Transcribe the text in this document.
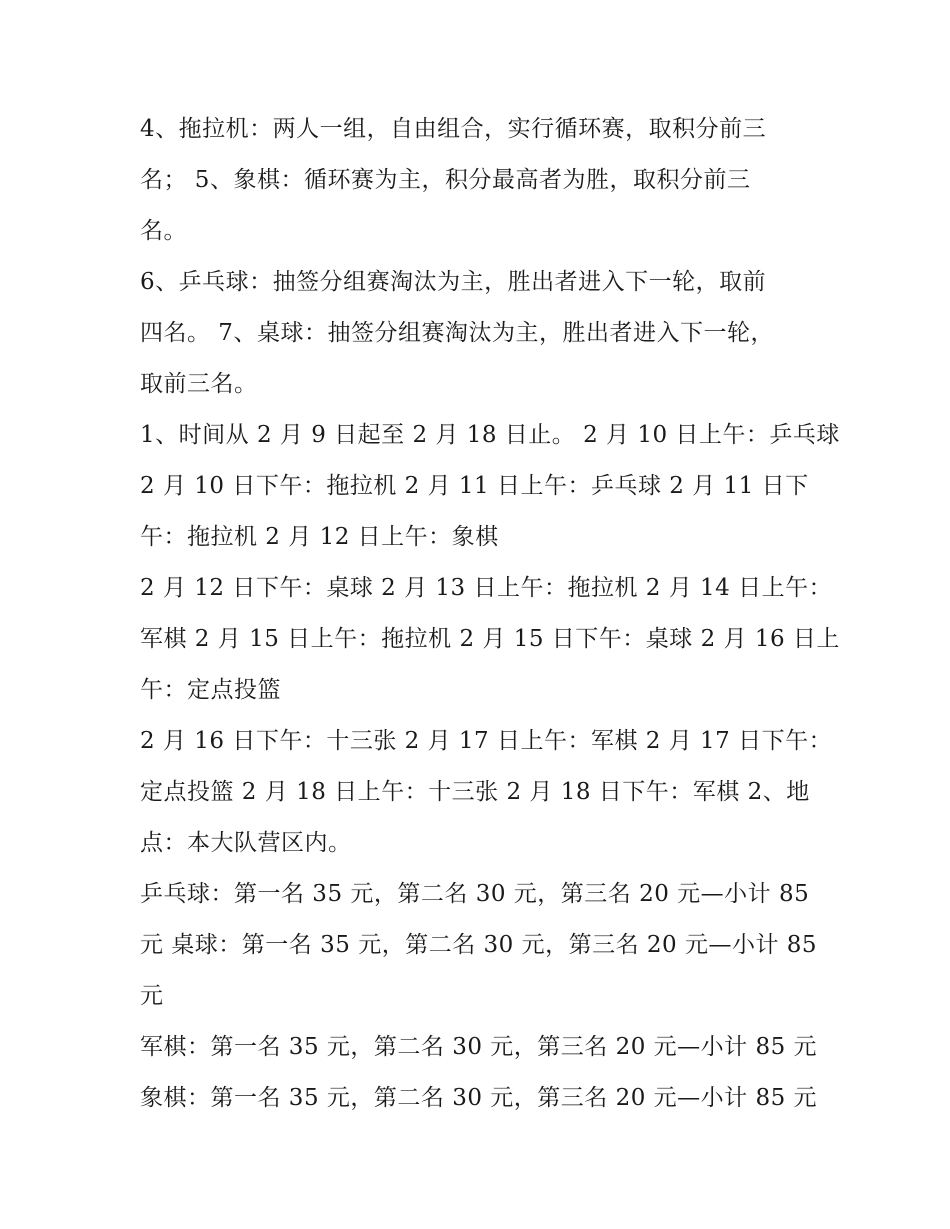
4、拖拉机：两人一组，自由组合，实行循环赛，取积分前三
名； 5、象棋：循环赛为主，积分最高者为胜，取积分前三
名。

6、乒乓球：抽签分组赛淘汰为主，胜出者进入下一轮，取前
四名。 7、桌球：抽签分组赛淘汰为主，胜出者进入下一轮，
取前三名。

1、时间从 2 月 9 日起至 2 月 18 日止。 2 月 10 日上午：乒乓球
2 月 10 日下午：拖拉机 2 月 11 日上午：乒乓球 2 月 11 日下
午：拖拉机 2 月 12 日上午：象棋

2 月 12 日下午：桌球 2 月 13 日上午：拖拉机 2 月 14 日上午：
军棋 2 月 15 日上午：拖拉机 2 月 15 日下午：桌球 2 月 16 日上
午：定点投篮

2 月 16 日下午：十三张 2 月 17 日上午：军棋 2 月 17 日下午：
定点投篮 2 月 18 日上午：十三张 2 月 18 日下午：军棋 2、地
点：本大队营区内。

乒乓球：第一名 35 元，第二名 30 元，第三名 20 元—小计 85
元 桌球：第一名 35 元，第二名 30 元，第三名 20 元—小计 85
元

军棋：第一名 35 元，第二名 30 元，第三名 20 元—小计 85 元
象棋：第一名 35 元，第二名 30 元，第三名 20 元—小计 85 元
